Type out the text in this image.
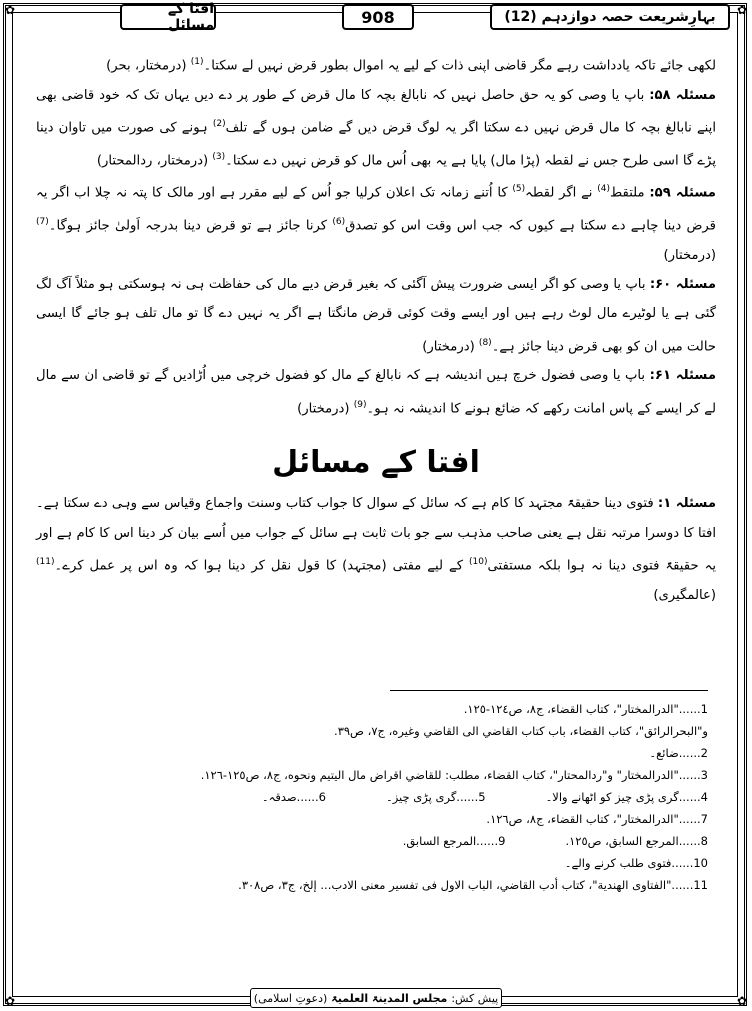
✿	✿
✿	✿
بہارِشریعت حصہ دوازدہم (12)
908
افتا کے مسائل

لکھی جائے تاکہ یادداشت رہے مگر قاضی اپنی ذات کے لیے یہ اموال بطور قرض نہیں لے سکتا۔$^{(1)}$ (درمختار، بحر)

مسئلہ ۵۸: باپ یا وصی کو یہ حق حاصل نہیں کہ نابالغ بچہ کا مال قرض کے طور پر دے دیں یہاں تک کہ خود قاضی بھی اپنے نابالغ بچہ کا مال قرض نہیں دے سکتا اگر یہ لوگ قرض دیں گے ضامن ہوں گے تلف$^{(2)}$ ہونے کی صورت میں تاوان دینا پڑے گا اسی طرح جس نے لقطہ (پڑا مال) پایا ہے یہ بھی اُس مال کو قرض نہیں دے سکتا۔$^{(3)}$ (درمختار، ردالمحتار)

مسئلہ ۵۹: ملتقط$^{(4)}$ نے اگر لقطہ$^{(5)}$ کا اُتنے زمانہ تک اعلان کرلیا جو اُس کے لیے مقرر ہے اور مالک کا پتہ نہ چلا اب اگر یہ قرض دینا چاہے دے سکتا ہے کیوں کہ جب اس وقت اس کو تصدق$^{(6)}$ کرنا جائز ہے تو قرض دینا بدرجہ اَولیٰ جائز ہوگا۔$^{(7)}$ (درمختار)

مسئلہ ۶۰: باپ یا وصی کو اگر ایسی ضرورت پیش آگئی کہ بغیر قرض دیے مال کی حفاظت ہی نہ ہوسکتی ہو مثلاً آگ لگ گئی ہے یا لوٹیرے مال لوٹ رہے ہیں اور ایسے وقت کوئی قرض مانگتا ہے اگر یہ نہیں دے گا تو مال تلف ہو جائے گا ایسی حالت میں ان کو بھی قرض دینا جائز ہے۔$^{(8)}$ (درمختار)

مسئلہ ۶۱: باپ یا وصی فضول خرچ ہیں اندیشہ ہے کہ نابالغ کے مال کو فضول خرچی میں اُڑادیں گے تو قاضی ان سے مال لے کر ایسے کے پاس امانت رکھے کہ ضائع ہونے کا اندیشہ نہ ہو۔$^{(9)}$ (درمختار)

افتا کے مسائل

مسئلہ ۱: فتوی دینا حقیقۃً مجتہد کا کام ہے کہ سائل کے سوال کا جواب کتاب وسنت واجماع وقیاس سے وہی دے سکتا ہے۔ افتا کا دوسرا مرتبہ نقل ہے یعنی صاحب مذہب سے جو بات ثابت ہے سائل کے جواب میں اُسے بیان کر دینا اس کا کام ہے اور یہ حقیقۃً فتوی دینا نہ ہوا بلکہ مستفتی$^{(10)}$ کے لیے مفتی (مجتہد) کا قول نقل کر دینا ہوا کہ وہ اس پر عمل کرے۔$^{(11)}$ (عالمگیری)

1......"الدرالمختار"، كتاب القضاء، ج٨، ص١٢٤-١٢٥.

و"البحرالرائق"، كتاب القضاء، باب كتاب القاضي الى القاضي وغيره، ج٧، ص٣٩.

2......ضائع۔

3......"الدرالمختار" و"ردالمحتار"، كتاب القضاء، مطلب: للقاضي اقراض مال اليتيم ونحوه، ج٨، ص١٢٥-١٢٦.

4......گری پڑی چیز کو اٹھانے والا۔
5......گری پڑی چیز۔
6......صدقہ۔

7......"الدرالمختار"، كتاب القضاء، ج٨، ص١٢٦.

8......المرجع السابق، ص١٢٥.
9......المرجع السابق.

10......فتوی طلب کرنے والے۔

11......"الفتاوى الهندية"، كتاب أدب القاضي، الباب الاول فى تفسير معنى الادب... إلخ، ج٣، ص٣٠٨.

پیش کش:
مجلس المدینۃ العلمیۃ
(دعوتِ اسلامی)
